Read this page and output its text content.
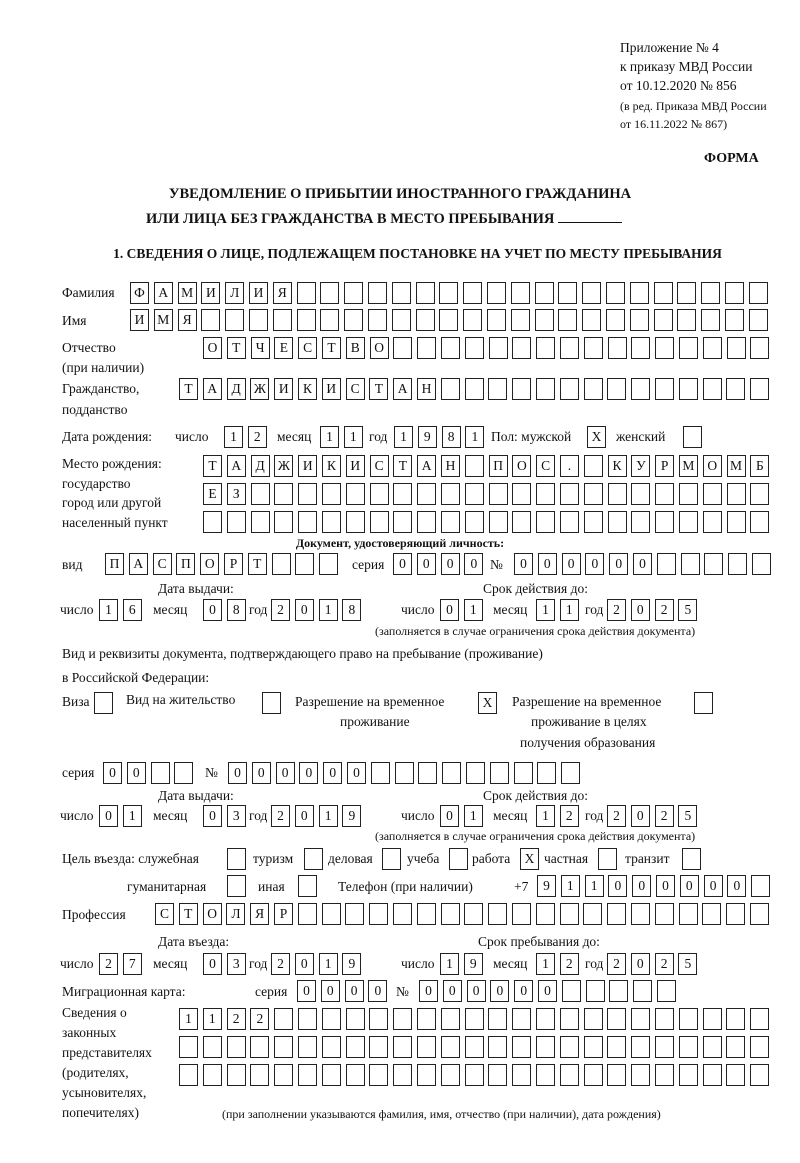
Приложение № 4
к приказу МВД России
от 10.12.2020 № 856
(в ред. Приказа МВД России
от 16.11.2022 № 867)
ФОРМА
УВЕДОМЛЕНИЕ О ПРИБЫТИИ ИНОСТРАННОГО ГРАЖДАНИНА
ИЛИ ЛИЦА БЕЗ ГРАЖДАНСТВА В МЕСТО ПРЕБЫВАНИЯ
1. СВЕДЕНИЯ О ЛИЦЕ, ПОДЛЕЖАЩЕМ ПОСТАНОВКЕ НА УЧЕТ ПО МЕСТУ ПРЕБЫВАНИЯ
Фамилия	Ф	А М И	Л	И	Я
Имя	И М Я
Отчество
(при наличии)
О	Т	Ч	Е	С	Т	В	О
Гражданство,
подданство
Т	А	Д Ж И	К	И	С	Т	А	Н
Дата рождения: число	1	2	месяц	1	1 год 1	9	8	1 Пол: мужской	X	женский
Место рождения:
государство
город или другой
населенный пункт
Т	А	Д Ж И	К	И	С	Т	А	Н	П	О	С	.	К	У	Р	М О М	Б
Е	З
Документ, удостоверяющий личность:
вид	П	А	С	П	О	Р	Т	серия	0	0	0	0 №	0	0	0	0	0	0
Дата выдачи:	Срок действия до:
число 1	6	месяц	0	8 год 2	0	1	8	число 0	1	месяц	1	1 год 2	0	2	5
(заполняется в случае ограничения срока действия документа)
Вид и реквизиты документа, подтверждающего право на пребывание (проживание)
в Российской Федерации:
Виза	Вид на жительство	Разрешение на временное
проживание
X	Разрешение на временное
проживание в целях
получения образования
серия	0	0	№	0	0	0	0	0	0
Дата выдачи:	Срок действия до:
число 0	1	месяц	0	3 год 2	0	1	9	число 0	1	месяц	1	2 год 2	0	2	5
(заполняется в случае ограничения срока действия документа)
Цель въезда: служебная	туризм	деловая	учеба работа	X частная	транзит
гуманитарная	иная	Телефон (при наличии)	+7	9	1	1	0	0	0	0	0	0
Профессия	С	Т	О	Л	Я	Р
Дата въезда:	Срок пребывания до:
число 2	7	месяц	0	3 год 2	0	1	9	число 1	9	месяц	1	2 год 2	0	2	5
Миграционная карта:	серия	0	0	0	0	№	0	0	0	0	0	0
Сведения о
законных
представителях
(родителях,
усыновителях,
попечителях)
1	1	2	2
(при заполнении указываются фамилия, имя, отчество (при наличии), дата рождения)
